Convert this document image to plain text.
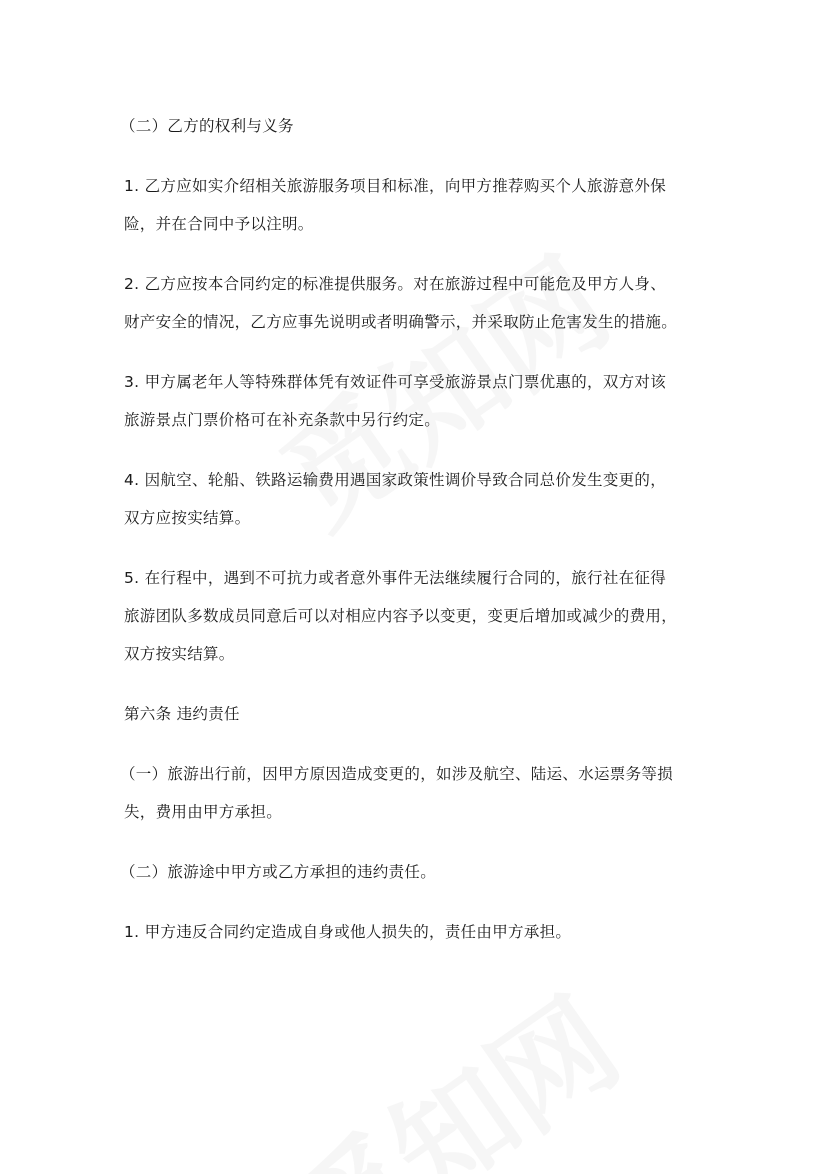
（二）乙方的权利与义务
1. 乙方应如实介绍相关旅游服务项目和标准，向甲方推荐购买个人旅游意外保
险，并在合同中予以注明。
2. 乙方应按本合同约定的标准提供服务。对在旅游过程中可能危及甲方人身、
财产安全的情况，乙方应事先说明或者明确警示，并采取防止危害发生的措施。
3. 甲方属老年人等特殊群体凭有效证件可享受旅游景点门票优惠的，双方对该
旅游景点门票价格可在补充条款中另行约定。
4. 因航空、轮船、铁路运输费用遇国家政策性调价导致合同总价发生变更的，
双方应按实结算。
5. 在行程中，遇到不可抗力或者意外事件无法继续履行合同的，旅行社在征得
旅游团队多数成员同意后可以对相应内容予以变更，变更后增加或减少的费用，
双方按实结算。
第六条 违约责任
（一）旅游出行前，因甲方原因造成变更的，如涉及航空、陆运、水运票务等损
失，费用由甲方承担。
（二）旅游途中甲方或乙方承担的违约责任。
1. 甲方违反合同约定造成自身或他人损失的，责任由甲方承担。
